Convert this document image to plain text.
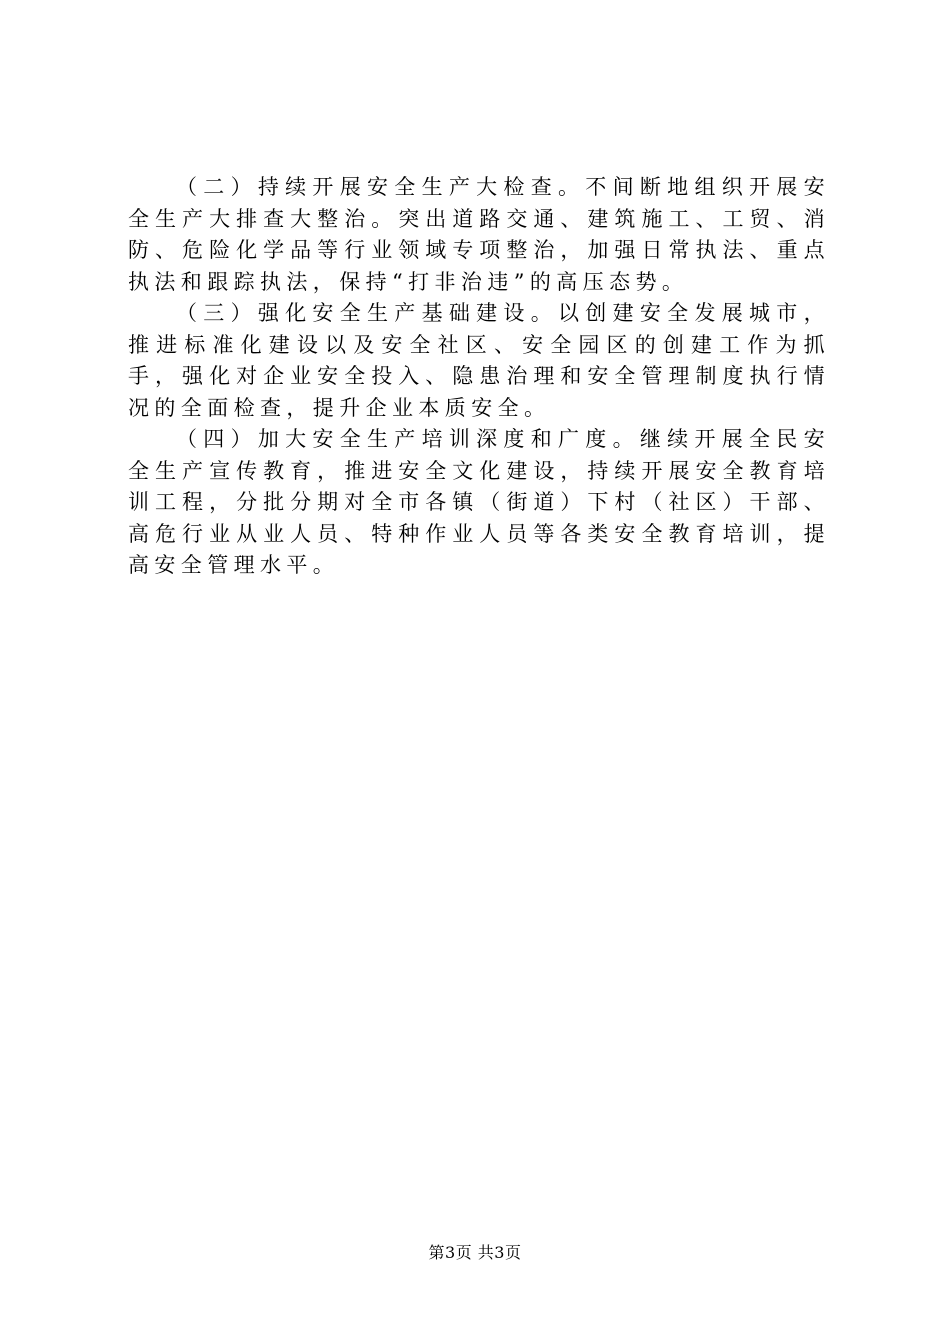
（二）持续开展安全生产大检查。不间断地组织开展安全生产大排查大整治。突出道路交通、建筑施工、工贸、消防、危险化学品等行业领域专项整治，加强日常执法、重点执法和跟踪执法，保持“打非治违”的高压态势。

（三）强化安全生产基础建设。以创建安全发展城市，推进标准化建设以及安全社区、安全园区的创建工作为抓手，强化对企业安全投入、隐患治理和安全管理制度执行情况的全面检查，提升企业本质安全。

（四）加大安全生产培训深度和广度。继续开展全民安全生产宣传教育，推进安全文化建设，持续开展安全教育培训工程，分批分期对全市各镇（街道）下村（社区）干部、高危行业从业人员、特种作业人员等各类安全教育培训，提高安全管理水平。

第3页 共3页
